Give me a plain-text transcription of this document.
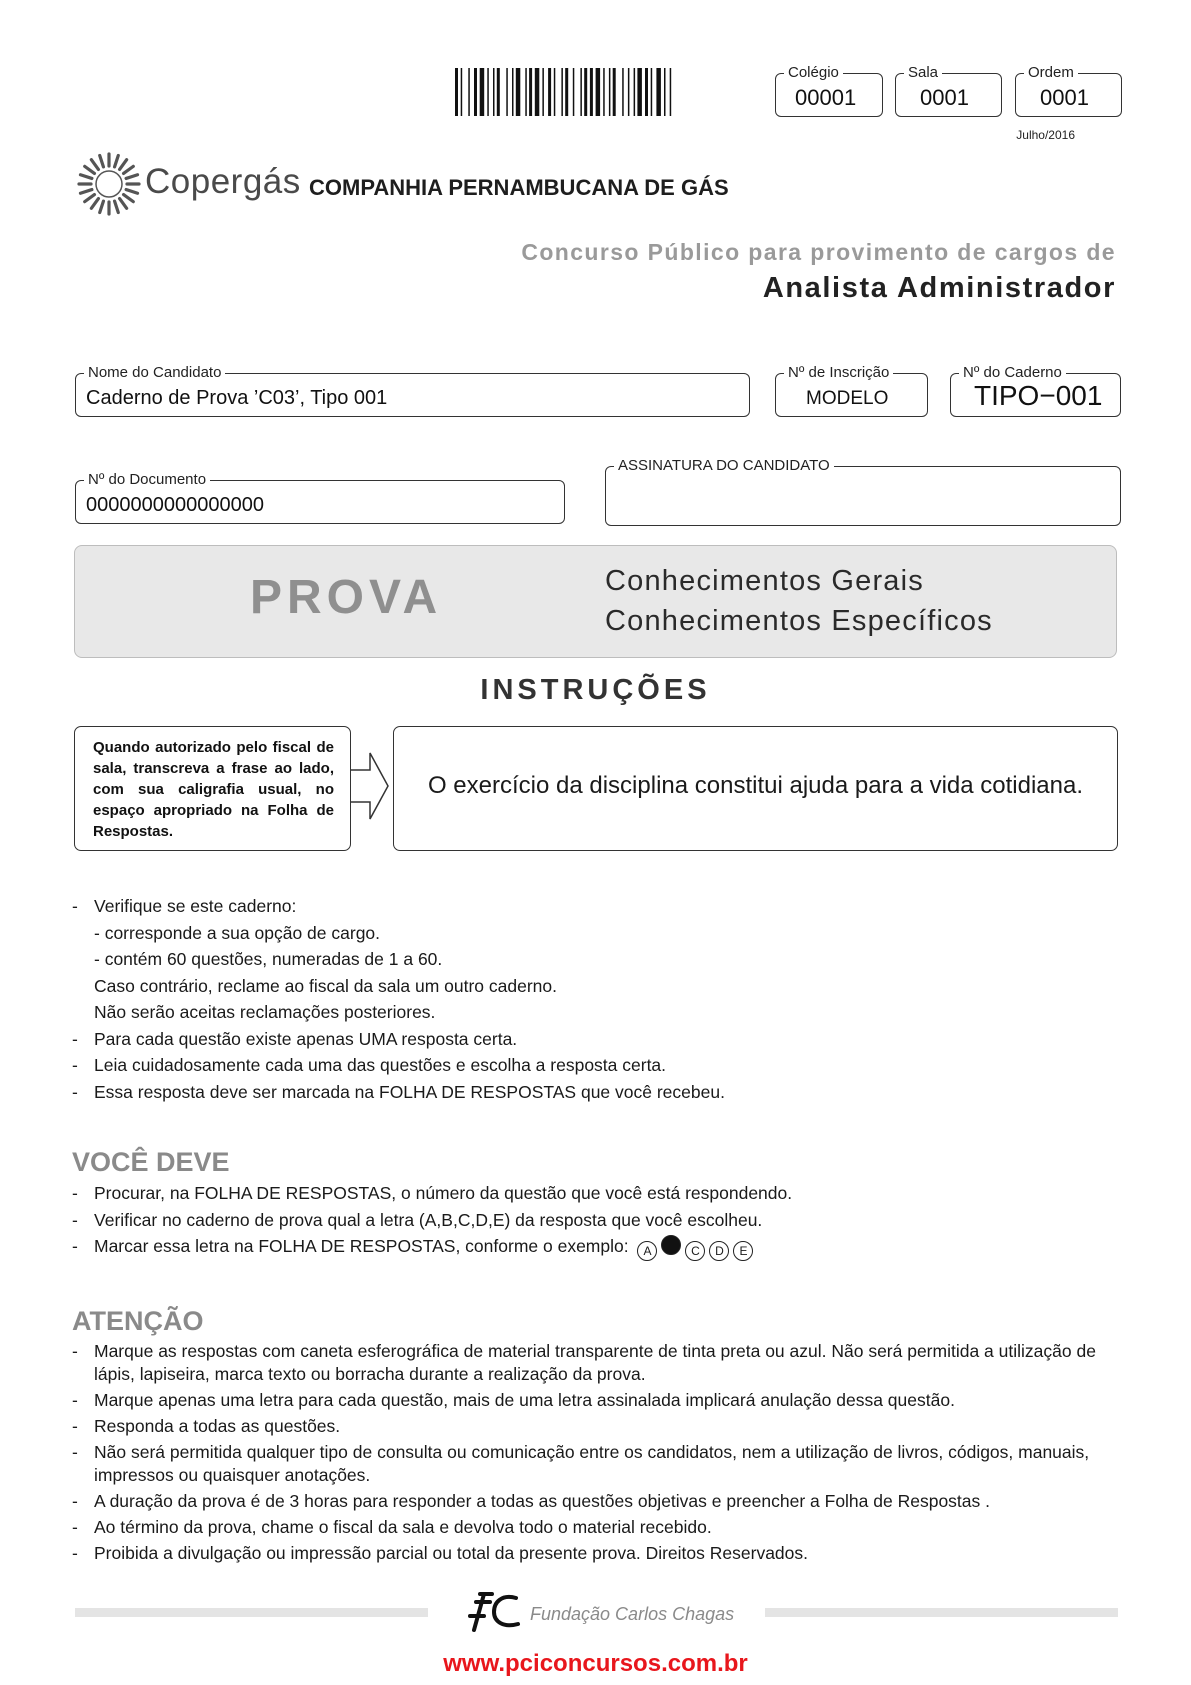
Colégio
00001
Sala
0001
Ordem
0001
Julho/2016
Copergás COMPANHIA PERNAMBUCANA DE GÁS
Concurso Público para provimento de cargos de
Analista Administrador
Nome do Candidato
Caderno de Prova ’C03’, Tipo 001
Nº de Inscrição
MODELO
Nº do Caderno
TIPO−001
Nº do Documento
0000000000000000
ASSINATURA DO CANDIDATO
PROVA	Conhecimentos Gerais
Conhecimentos Específicos
INSTRUÇÕES
Quando autorizado pelo fiscal de sala, transcreva a frase ao lado, com sua caligrafia usual, no espaço apropriado na Folha de Respostas.
O exercício da disciplina constitui ajuda para a vida cotidiana.
- Verifique se este caderno:
- corresponde a sua opção de cargo.
- contém 60 questões, numeradas de 1 a 60.
Caso contrário, reclame ao fiscal da sala um outro caderno.
Não serão aceitas reclamações posteriores.
- Para cada questão existe apenas UMA resposta certa.
- Leia cuidadosamente cada uma das questões e escolha a resposta certa.
- Essa resposta deve ser marcada na FOLHA DE RESPOSTAS que você recebeu.
VOCÊ DEVE
- Procurar, na FOLHA DE RESPOSTAS, o número da questão que você está respondendo.
- Verificar no caderno de prova qual a letra (A,B,C,D,E) da resposta que você escolheu.
- Marcar essa letra na FOLHA DE RESPOSTAS, conforme o exemplo: A	C D E
ATENÇÃO
- Marque as respostas com caneta esferográfica de material transparente de tinta preta ou azul. Não será permitida a utilização de lápis, lapiseira, marca texto ou borracha durante a realização da prova.
- Marque apenas uma letra para cada questão, mais de uma letra assinalada implicará anulação dessa questão.
- Responda a todas as questões.
- Não será permitida qualquer tipo de consulta ou comunicação entre os candidatos, nem a utilização de livros, códigos, manuais, impressos ou quaisquer anotações.
- A duração da prova é de 3 horas para responder a todas as questões objetivas e preencher a Folha de Respostas .
- Ao término da prova, chame o fiscal da sala e devolva todo o material recebido.
- Proibida a divulgação ou impressão parcial ou total da presente prova. Direitos Reservados.
Fundação Carlos Chagas
www.pciconcursos.com.br
